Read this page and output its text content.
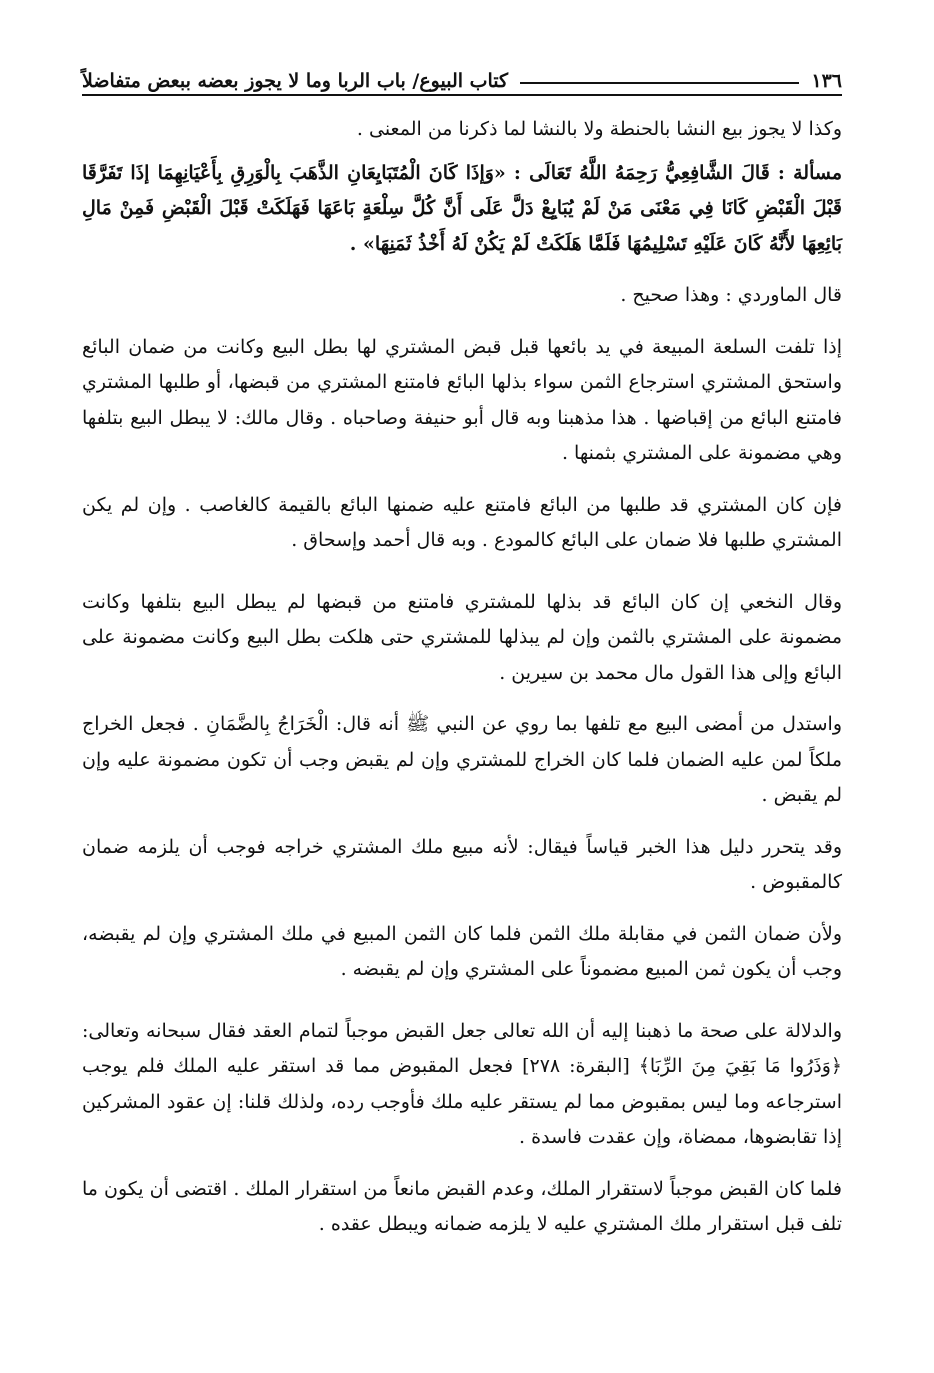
١٣٦
كتاب البيوع/ باب الربا وما لا يجوز بعضه ببعض متفاضلاً

وكذا لا يجوز بيع النشا بالحنطة ولا بالنشا لما ذكرنا من المعنى .

مسألة : قَالَ الشَّافِعِيُّ رَحِمَهُ اللَّهُ تَعَالَى : «وَإذَا كَانَ الْمُتَبَايِعَانِ الذَّهَبَ بِالْوَرِقِ بِأَعْيَانِهِمَا إذَا تَفَرَّقَا قَبْلَ الْقَبْضِ كَانَا فِي مَعْنَى مَنْ لَمْ يُبَايِعْ دَلَّ عَلَى أَنَّ كُلَّ سِلْعَةٍ بَاعَهَا فَهَلَكَتْ قَبْلَ الْقَبْضِ فَمِنْ مَالِ بَائِعِهَا لأَنَّهُ كَانَ عَلَيْهِ تَسْلِيمُهَا فَلَمَّا هَلَكَتْ لَمْ يَكُنْ لَهُ أَخْذُ ثَمَنِهَا» .

قال الماوردي : وهذا صحيح .

إذا تلفت السلعة المبيعة في يد بائعها قبل قبض المشتري لها بطل البيع وكانت من ضمان البائع واستحق المشتري استرجاع الثمن سواء بذلها البائع فامتنع المشتري من قبضها، أو طلبها المشتري فامتنع البائع من إقباضها . هذا مذهبنا وبه قال أبو حنيفة وصاحباه . وقال مالك: لا يبطل البيع بتلفها وهي مضمونة على المشتري بثمنها .

فإن كان المشتري قد طلبها من البائع فامتنع عليه ضمنها البائع بالقيمة كالغاصب . وإن لم يكن المشتري طلبها فلا ضمان على البائع كالمودع . وبه قال أحمد وإسحاق .

وقال النخعي إن كان البائع قد بذلها للمشتري فامتنع من قبضها لم يبطل البيع بتلفها وكانت مضمونة على المشتري بالثمن وإن لم يبذلها للمشتري حتى هلكت بطل البيع وكانت مضمونة على البائع وإلى هذا القول مال محمد بن سيرين .

واستدل من أمضى البيع مع تلفها بما روي عن النبي ﷺ أنه قال: الْخَرَاجُ بِالضَّمَانِ . فجعل الخراج ملكاً لمن عليه الضمان فلما كان الخراج للمشتري وإن لم يقبض وجب أن تكون مضمونة عليه وإن لم يقبض .

وقد يتحرر دليل هذا الخبر قياساً فيقال: لأنه مبيع ملك المشتري خراجه فوجب أن يلزمه ضمان كالمقبوض .

ولأن ضمان الثمن في مقابلة ملك الثمن فلما كان الثمن المبيع في ملك المشتري وإن لم يقبضه، وجب أن يكون ثمن المبيع مضموناً على المشتري وإن لم يقبضه .

والدلالة على صحة ما ذهبنا إليه أن الله تعالى جعل القبض موجباً لتمام العقد فقال سبحانه وتعالى: ﴿وَذَرُوا مَا بَقِيَ مِنَ الرِّبَا﴾ [البقرة: ٢٧٨] فجعل المقبوض مما قد استقر عليه الملك فلم يوجب استرجاعه وما ليس بمقبوض مما لم يستقر عليه ملك فأوجب رده، ولذلك قلنا: إن عقود المشركين إذا تقابضوها، ممضاة، وإن عقدت فاسدة .

فلما كان القبض موجباً لاستقرار الملك، وعدم القبض مانعاً من استقرار الملك . اقتضى أن يكون ما تلف قبل استقرار ملك المشتري عليه لا يلزمه ضمانه ويبطل عقده .
